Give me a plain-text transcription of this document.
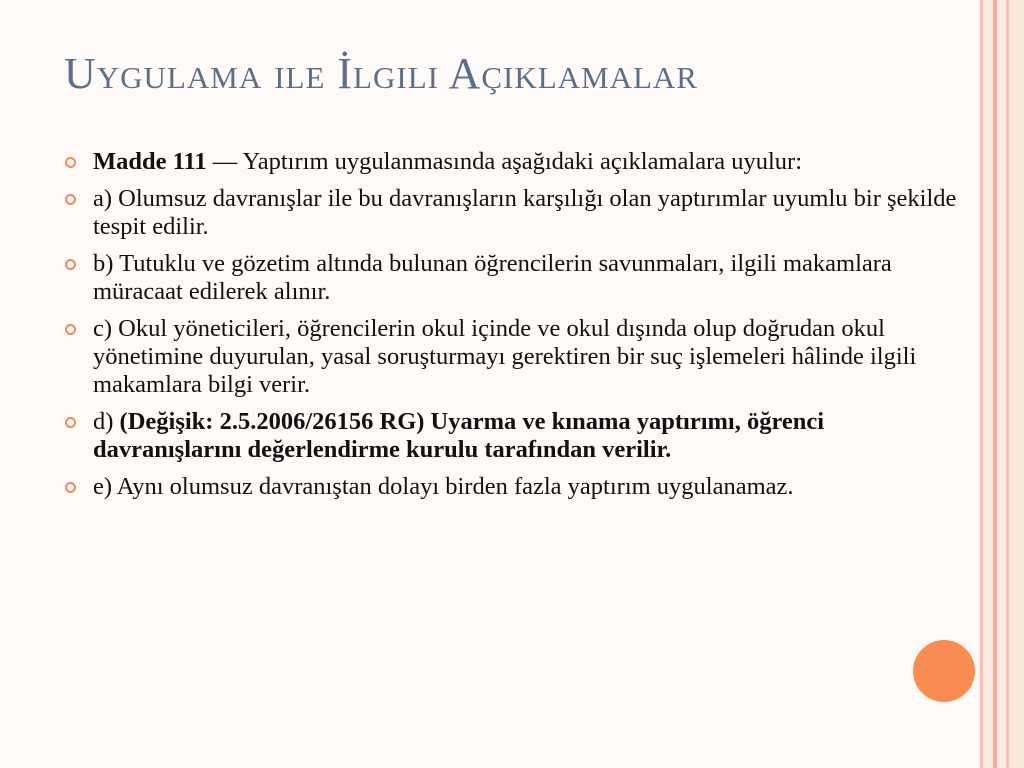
Uygulama ile İlgili Açıklamalar
Madde 111 — Yaptırım uygulanmasında aşağıdaki açıklamalara uyulur:
a) Olumsuz davranışlar ile bu davranışların karşılığı olan yaptırımlar uyumlu bir şekilde tespit edilir.
b) Tutuklu ve gözetim altında bulunan öğrencilerin savunmaları, ilgili makamlara müracaat edilerek alınır.
c) Okul yöneticileri, öğrencilerin okul içinde ve okul dışında olup doğrudan okul yönetimine duyurulan, yasal soruşturmayı gerektiren bir suç işlemeleri hâlinde ilgili makamlara bilgi verir.
d) (Değişik: 2.5.2006/26156 RG) Uyarma ve kınama yaptırımı, öğrenci davranışlarını değerlendirme kurulu tarafından verilir.
e) Aynı olumsuz davranıştan dolayı birden fazla yaptırım uygulanamaz.
